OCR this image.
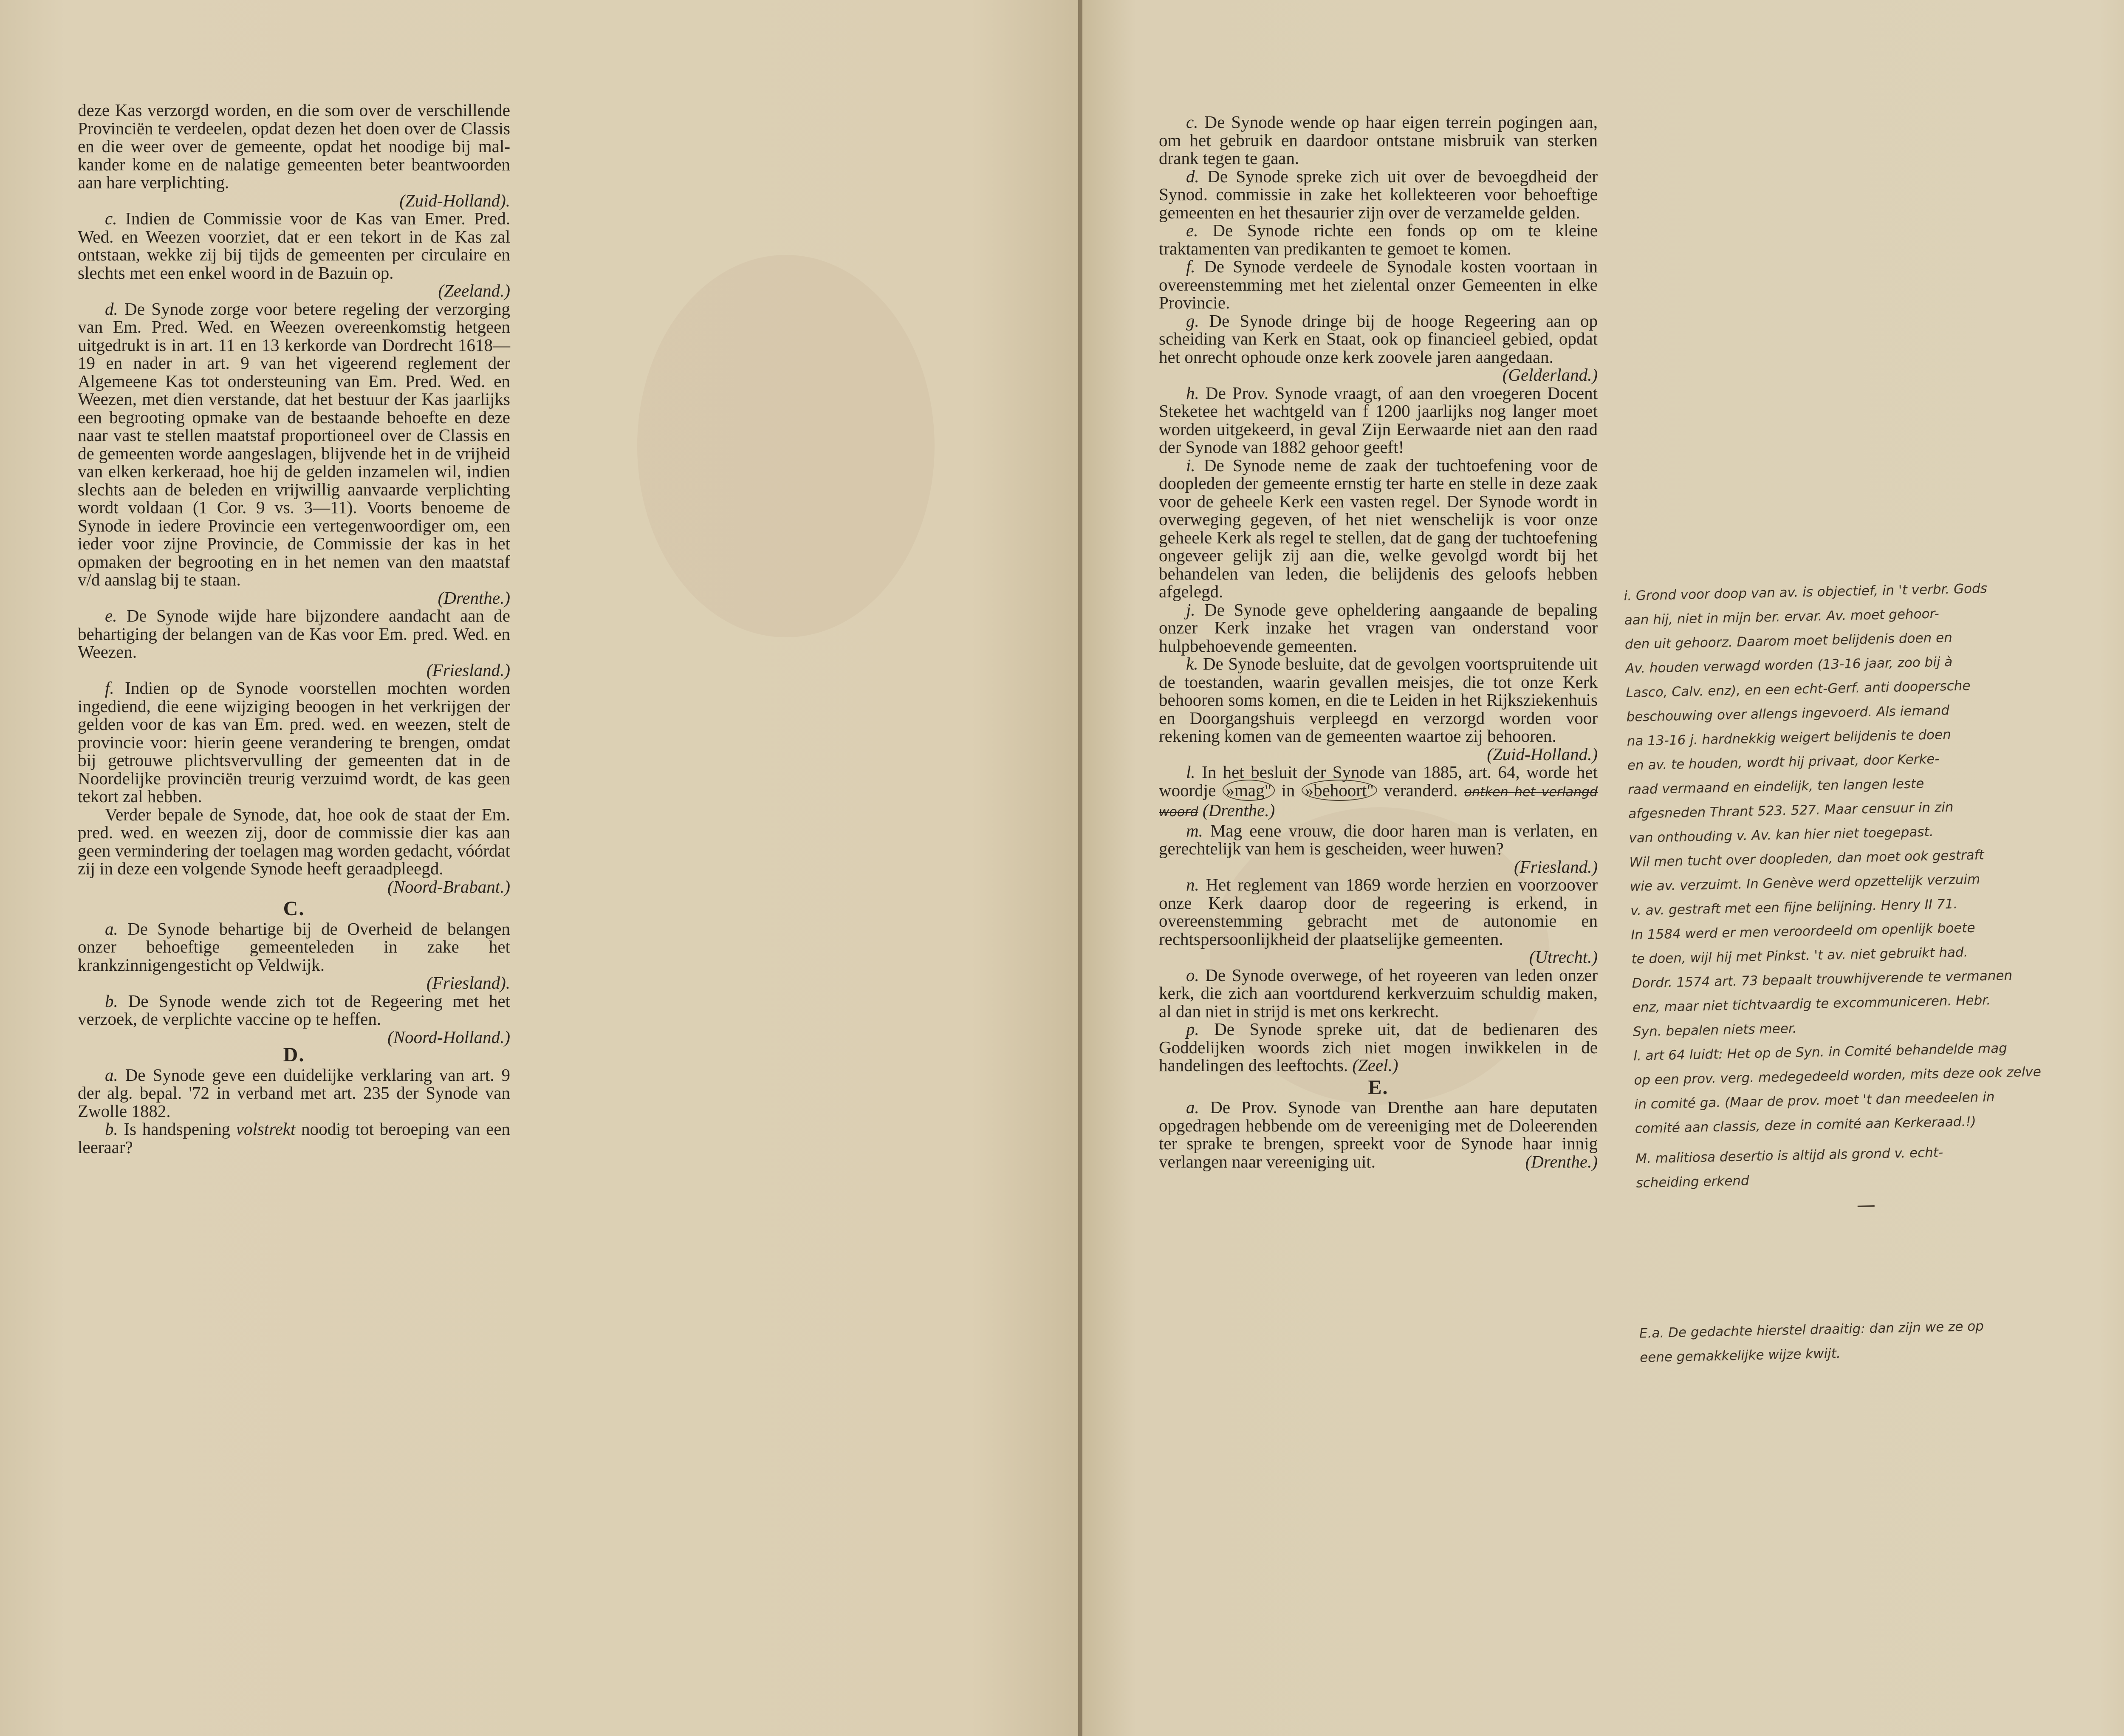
deze Kas verzorgd worden, en die som over de verschillende Provinciën te verdeelen, opdat dezen het doen over de Classis en die weer over de gemeente, opdat het noodige bij mal- kander kome en de nalatige gemeenten beter beantwoorden aan hare verplichting.

(Zuid-Holland).

c. Indien de Commissie voor de Kas van Emer. Pred. Wed. en Weezen voorziet, dat er een tekort in de Kas zal ontstaan, wekke zij bij tijds de gemeenten per circulaire en slechts met een enkel woord in de Bazuin op.

(Zeeland.)

d. De Synode zorge voor betere regeling der verzorging van Em. Pred. Wed. en Weezen overeenkomstig hetgeen uitgedrukt is in art. 11 en 13 kerkorde van Dordrecht 1618—19 en nader in art. 9 van het vigeerend reglement der Algemeene Kas tot ondersteuning van Em. Pred. Wed. en Weezen, met dien verstande, dat het bestuur der Kas jaarlijks een begrooting opmake van de bestaande behoefte en deze naar vast te stellen maatstaf proportioneel over de Classis en de gemeenten worde aangeslagen, blijvende het in de vrijheid van elken kerkeraad, hoe hij de gelden inzamelen wil, indien slechts aan de beleden en vrijwillig aanvaarde verplichting wordt voldaan (1 Cor. 9 vs. 3—11). Voorts benoeme de Synode in iedere Provincie een vertegenwoordiger om, een ieder voor zijne Provincie, de Commissie der kas in het opmaken der begrooting en in het nemen van den maatstaf v/d aanslag bij te staan.

(Drenthe.)

e. De Synode wijde hare bijzondere aandacht aan de behartiging der belangen van de Kas voor Em. pred. Wed. en Weezen.

(Friesland.)

f. Indien op de Synode voorstellen mochten worden ingediend, die eene wijziging beoogen in het verkrijgen der gelden voor de kas van Em. pred. wed. en weezen, stelt de provincie voor: hierin geene verandering te brengen, omdat bij getrouwe plichtsvervulling der gemeenten dat in de Noordelijke provinciën treurig verzuimd wordt, de kas geen tekort zal hebben.

Verder bepale de Synode, dat, hoe ook de staat der Em. pred. wed. en weezen zij, door de commissie dier kas aan geen vermindering der toelagen mag worden gedacht, vóórdat zij in deze een volgende Synode heeft geraadpleegd.

(Noord-Brabant.)

C.

a. De Synode behartige bij de Overheid de belangen onzer behoeftige gemeenteleden in zake het krankzinnigengesticht op Veldwijk.

(Friesland).

b. De Synode wende zich tot de Regeering met het verzoek, de verplichte vaccine op te heffen.
(Noord-Holland.)

D.

a. De Synode geve een duidelijke verklaring van art. 9 der alg. bepal. '72 in verband met art. 235 der Synode van Zwolle 1882.

b. Is handspening volstrekt noodig tot beroeping van een leeraar?

c. De Synode wende op haar eigen terrein pogingen aan, om het gebruik en daardoor ontstane misbruik van sterken drank tegen te gaan.

d. De Synode spreke zich uit over de bevoegdheid der Synod. commissie in zake het kollekteeren voor behoeftige gemeenten en het thesaurier zijn over de verzamelde gelden.

e. De Synode richte een fonds op om te kleine traktamenten van predikanten te gemoet te komen.

f. De Synode verdeele de Synodale kosten voortaan in overeenstemming met het zielental onzer Gemeenten in elke Provincie.

g. De Synode dringe bij de hooge Regeering aan op scheiding van Kerk en Staat, ook op financieel gebied, opdat het onrecht ophoude onze kerk zoovele jaren aangedaan.

(Gelderland.)

h. De Prov. Synode vraagt, of aan den vroegeren Docent Steketee het wachtgeld van f 1200 jaarlijks nog langer moet worden uitgekeerd, in geval Zijn Eerwaarde niet aan den raad der Synode van 1882 gehoor geeft!

i. De Synode neme de zaak der tuchtoefening voor de doopleden der gemeente ernstig ter harte en stelle in deze zaak voor de geheele Kerk een vasten regel. Der Synode wordt in overweging gegeven, of het niet wenschelijk is voor onze geheele Kerk als regel te stellen, dat de gang der tuchtoefening ongeveer gelijk zij aan die, welke gevolgd wordt bij het behandelen van leden, die belijdenis des geloofs hebben afgelegd.

j. De Synode geve opheldering aangaande de bepaling onzer Kerk inzake het vragen van onderstand voor hulpbehoevende gemeenten.

k. De Synode besluite, dat de gevolgen voortspruitende uit de toestanden, waarin gevallen meisjes, die tot onze Kerk behooren soms komen, en die te Leiden in het Rijksziekenhuis en Doorgangshuis verpleegd en verzorgd worden voor rekening komen van de gemeenten waartoe zij behooren.
(Zuid-Holland.)

l. In het besluit der Synode van 1885, art. 64, worde het woordje »mag" in »behoort" veranderd. ontken het verlangd woord (Drenthe.)

m. Mag eene vrouw, die door haren man is verlaten, en gerechtelijk van hem is gescheiden, weer huwen?
(Friesland.)

n. Het reglement van 1869 worde herzien en voorzoover onze Kerk daarop door de regeering is erkend, in overeenstemming gebracht met de autonomie en rechtspersoonlijkheid der plaatselijke gemeenten.
(Utrecht.)

o. De Synode overwege, of het royeeren van leden onzer kerk, die zich aan voortdurend kerkverzuim schuldig maken, al dan niet in strijd is met ons kerkrecht.

p. De Synode spreke uit, dat de bedienaren des Goddelijken woords zich niet mogen inwikkelen in de handelingen des leeftochts. (Zeel.)

E.

a. De Prov. Synode van Drenthe aan hare deputaten opgedragen hebbende om de vereeniging met de Doleerenden ter sprake te brengen, spreekt voor de Synode haar innig verlangen naar vereeniging uit.	(Drenthe.)

i. Grond voor doop van av. is objectief, in 't verbr. Gods

aan hij, niet in mijn ber. ervar. Av. moet gehoor-

den uit gehoorz. Daarom moet belijdenis doen en

Av. houden verwagd worden (13-16 jaar, zoo bij à

Lasco, Calv. enz), en een echt-Gerf. anti doopersche

beschouwing over allengs ingevoerd. Als iemand

na 13-16 j. hardnekkig weigert belijdenis te doen

en av. te houden, wordt hij privaat, door Kerke-

raad vermaand en eindelijk, ten langen leste

afgesneden Thrant 523. 527. Maar censuur in zin

van onthouding v. Av. kan hier niet toegepast.

Wil men tucht over doopleden, dan moet ook gestraft

wie av. verzuimt. In Genève werd opzettelijk verzuim

v. av. gestraft met een fijne belijning. Henry II 71.

In 1584 werd er men veroordeeld om openlijk boete

te doen, wijl hij met Pinkst. 't av. niet gebruikt had.

Dordr. 1574 art. 73 bepaalt trouwhijverende te vermanen

enz, maar niet tichtvaardig te excommuniceren. Hebr.

Syn. bepalen niets meer.

l. art 64 luidt: Het op de Syn. in Comité behandelde mag

op een prov. verg. medegedeeld worden, mits deze ook zelve

in comité ga. (Maar de prov. moet 't dan meedeelen in

comité aan classis, deze in comité aan Kerkeraad.!)

M. malitiosa desertio is altijd als grond v. echt-

scheiding erkend

E.a. De gedachte hierstel draaitig: dan zijn we ze op

eene gemakkelijke wijze kwijt.
